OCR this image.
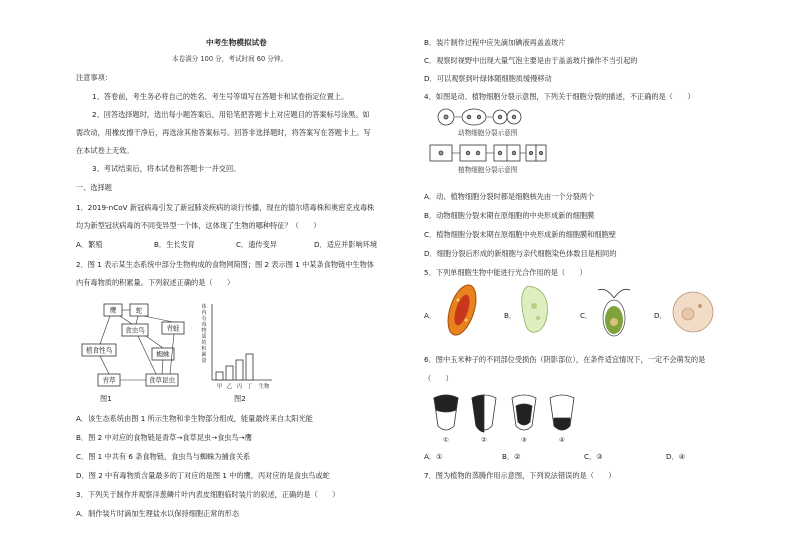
中考生物模拟试卷
本卷满分 100 分，考试时间 60 分钟。
注意事项：
1、答卷前，考生务必将自己的姓名、考生号等填写在答题卡和试卷指定位置上。
2、回答选择题时，选出每小题答案后，用铅笔把答题卡上对应题目的答案标号涂黑。如
需改动，用橡皮擦干净后，再选涂其他答案标号。回答非选择题时，将答案写在答题卡上。写
在本试卷上无效。
3、考试结束后，将本试卷和答题卡一并交回。
一、选择题
1．2019-nCoV 新冠病毒引发了新冠肺炎疾病的谈行传播，现在的德尔塔毒株和奥密克戎毒株
均为新型冠状病毒的不同变异型一个体，这体现了生物的哪种特征？（　　）
A．繁殖	B．生长发育	C．遗传变异	D．适应并影响环境
2．图 1 表示某生态系统中部分生物构成的食物网简图；图 2 表示图 1 中某条食物链中生物体
内有毒物质的积累量。下列叙述正确的是（　　）
鹰	蛇
食虫鸟	青蛙
植食性鸟	蜘蛛
青草	食草昆虫
图1
体
内
有
毒
物
质
的
积
累
量
甲 乙 丙 丁 生物
图2
A．该生态系统由图 1 所示生物和非生物部分组成，能量最终来自太阳光能
B．图 2 中对应的食物链是青草→食草昆虫→食虫鸟→鹰
C．图 1 中共有 6 条食物链，食虫鸟与蜘蛛为捕食关系
D．图 2 中有毒物质含量最多的丁对应的是图 1 中的鹰，丙对应的是食虫鸟或蛇
3．下列关于制作并观察洋葱鳞片叶内表皮细胞临时装片的叙述，正确的是（　　）
A．制作装片时滴加生理盐水以保持细胞正常的形态
B．装片制作过程中应先滴加碘液再盖盖玻片
C．观察时视野中出现大量气泡主要是由于盖盖玻片操作不当引起的
D．可以观察到叶绿体随细胞质缓慢移动
4．如图是动、植物细胞分裂示意图，下列关于细胞分裂的描述，不正确的是（　　）
动物细胞分裂示意图
植物细胞分裂示意图
A．动、植物细胞分裂时都是细胞核先由一个分裂两个
B．动物细胞分裂末期在原细胞的中央形成新的细胞膜
C．植物细胞分裂末期在原细胞中央形成新的细胞膜和细胞壁
D．细胞分裂后形成的新细胞与亲代细胞染色体数目是相同的
5．下列单细胞生物中能进行光合作用的是（　　）
A．	B．	C．	D．
6．图中玉米种子的不同部位受损伤（阴影部位），在条件适宜情况下，一定不会萌发的是
（　　）
①	②	③	④
A．①	B．②	C．③	D．④
7．图为植物的蒸腾作用示意图，下列说法错误的是（　　）
